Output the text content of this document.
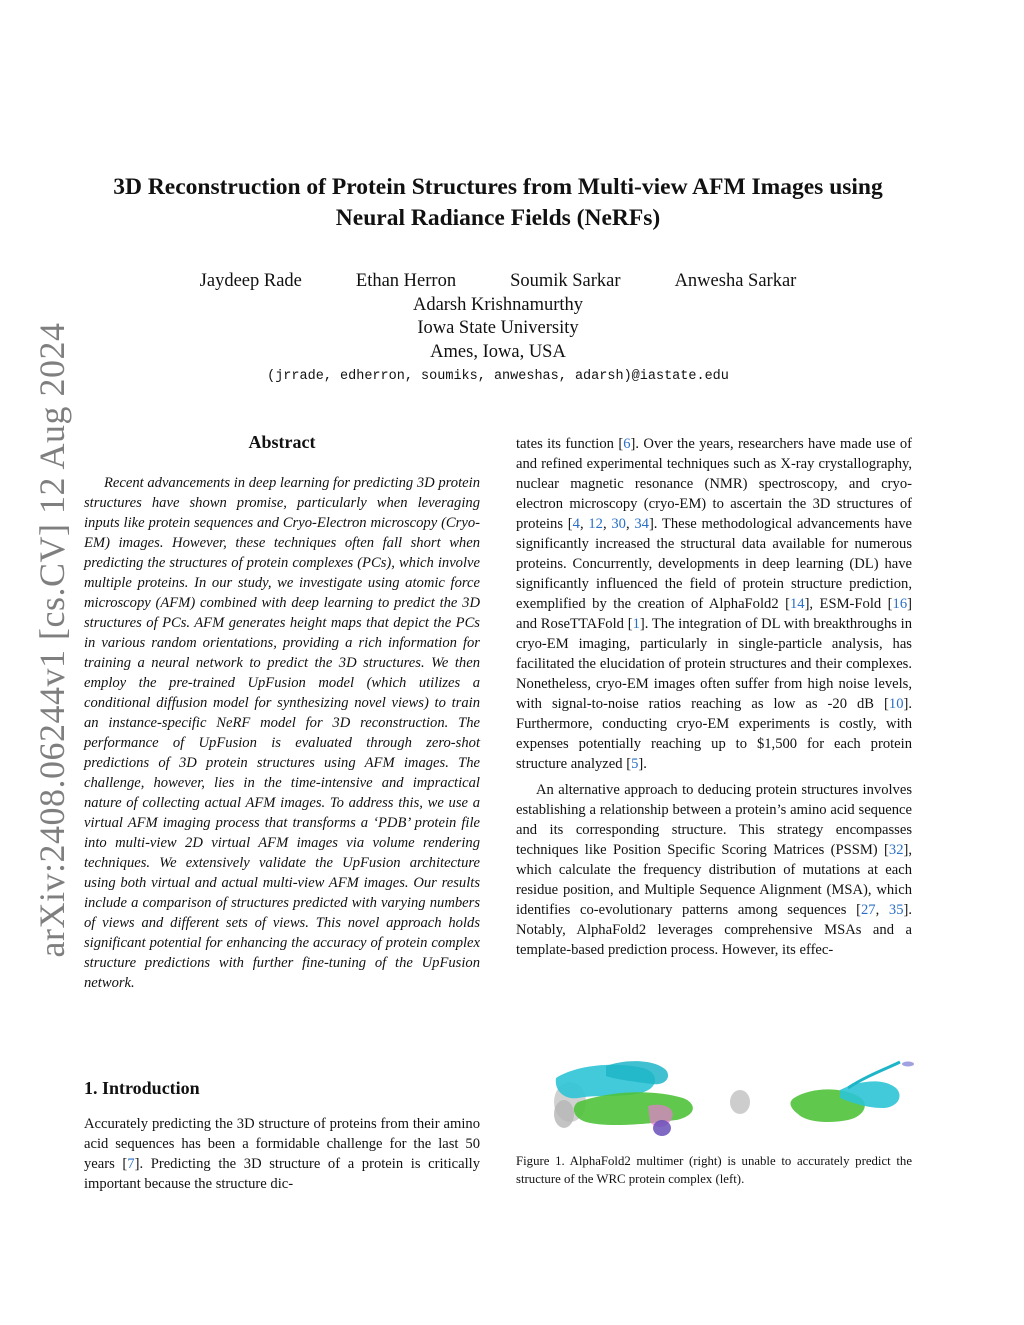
arXiv:2408.06244v1 [cs.CV] 12 Aug 2024
3D Reconstruction of Protein Structures from Multi-view AFM Images using Neural Radiance Fields (NeRFs)
Jaydeep Rade	Ethan Herron	Soumik Sarkar	Anwesha Sarkar
Adarsh Krishnamurthy
Iowa State University
Ames, Iowa, USA
(jrrade, edherron, soumiks, anweshas, adarsh)@iastate.edu
Abstract

Recent advancements in deep learning for predicting 3D protein structures have shown promise, particularly when leveraging inputs like protein sequences and Cryo-Electron microscopy (Cryo-EM) images. However, these techniques often fall short when predicting the structures of protein complexes (PCs), which involve multiple proteins. In our study, we investigate using atomic force microscopy (AFM) combined with deep learning to predict the 3D structures of PCs. AFM generates height maps that depict the PCs in various random orientations, providing a rich information for training a neural network to predict the 3D structures. We then employ the pre-trained UpFusion model (which utilizes a conditional diffusion model for synthesizing novel views) to train an instance-specific NeRF model for 3D reconstruction. The performance of UpFusion is evaluated through zero-shot predictions of 3D protein structures using AFM images. The challenge, however, lies in the time-intensive and impractical nature of collecting actual AFM images. To address this, we use a virtual AFM imaging process that transforms a ‘PDB’ protein file into multi-view 2D virtual AFM images via volume rendering techniques. We extensively validate the UpFusion architecture using both virtual and actual multi-view AFM images. Our results include a comparison of structures predicted with varying numbers of views and different sets of views. This novel approach holds significant potential for enhancing the accuracy of protein complex structure predictions with further fine-tuning of the UpFusion network.

1. Introduction

Accurately predicting the 3D structure of proteins from their amino acid sequences has been a formidable challenge for the last 50 years [7]. Predicting the 3D structure of a protein is critically important because the structure dic-

tates its function [6]. Over the years, researchers have made use of and refined experimental techniques such as X-ray crystallography, nuclear magnetic resonance (NMR) spectroscopy, and cryo-electron microscopy (cryo-EM) to ascertain the 3D structures of proteins [4, 12, 30, 34]. These methodological advancements have significantly increased the structural data available for numerous proteins. Concurrently, developments in deep learning (DL) have significantly influenced the field of protein structure prediction, exemplified by the creation of AlphaFold2 [14], ESM-Fold [16] and RoseTTAFold [1]. The integration of DL with breakthroughs in cryo-EM imaging, particularly in single-particle analysis, has facilitated the elucidation of protein structures and their complexes. Nonetheless, cryo-EM images often suffer from high noise levels, with signal-to-noise ratios reaching as low as -20 dB [10]. Furthermore, conducting cryo-EM experiments is costly, with expenses potentially reaching up to $1,500 for each protein structure analyzed [5].

An alternative approach to deducing protein structures involves establishing a relationship between a protein’s amino acid sequence and its corresponding structure. This strategy encompasses techniques like Position Specific Scoring Matrices (PSSM) [32], which calculate the frequency distribution of mutations at each residue position, and Multiple Sequence Alignment (MSA), which identifies co-evolutionary patterns among sequences [27, 35]. Notably, AlphaFold2 leverages comprehensive MSAs and a template-based prediction process. However, its effec-

Figure 1. AlphaFold2 multimer (right) is unable to accurately predict the structure of the WRC protein complex (left).
